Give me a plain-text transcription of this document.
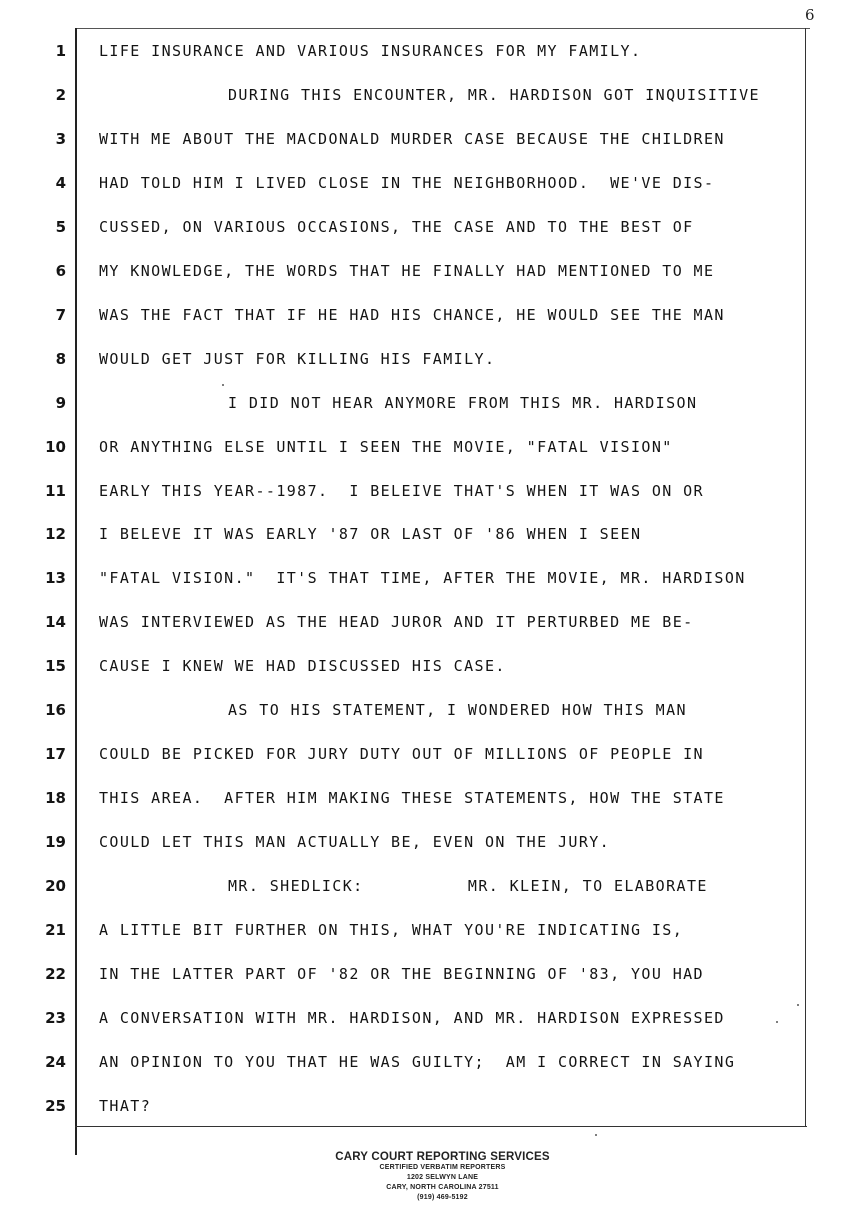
6
1 LIFE INSURANCE AND VARIOUS INSURANCES FOR MY FAMILY.
2	DURING THIS ENCOUNTER, MR. HARDISON GOT INQUISITIVE
3 WITH ME ABOUT THE MACDONALD MURDER CASE BECAUSE THE CHILDREN
4 HAD TOLD HIM I LIVED CLOSE IN THE NEIGHBORHOOD.  WE'VE DIS-
5 CUSSED, ON VARIOUS OCCASIONS, THE CASE AND TO THE BEST OF
6 MY KNOWLEDGE, THE WORDS THAT HE FINALLY HAD MENTIONED TO ME
7 WAS THE FACT THAT IF HE HAD HIS CHANCE, HE WOULD SEE THE MAN
8 WOULD GET JUST FOR KILLING HIS FAMILY.
9	I DID NOT HEAR ANYMORE FROM THIS MR. HARDISON
10 OR ANYTHING ELSE UNTIL I SEEN THE MOVIE, "FATAL VISION"
11 EARLY THIS YEAR--1987.  I BELEIVE THAT'S WHEN IT WAS ON OR
12 I BELEVE IT WAS EARLY '87 OR LAST OF '86 WHEN I SEEN
13 "FATAL VISION."  IT'S THAT TIME, AFTER THE MOVIE, MR. HARDISON
14 WAS INTERVIEWED AS THE HEAD JUROR AND IT PERTURBED ME BE-
15 CAUSE I KNEW WE HAD DISCUSSED HIS CASE.
16	AS TO HIS STATEMENT, I WONDERED HOW THIS MAN
17 COULD BE PICKED FOR JURY DUTY OUT OF MILLIONS OF PEOPLE IN
18 THIS AREA.  AFTER HIM MAKING THESE STATEMENTS, HOW THE STATE
19 COULD LET THIS MAN ACTUALLY BE, EVEN ON THE JURY.
20	MR. SHEDLICK:          MR. KLEIN, TO ELABORATE
21 A LITTLE BIT FURTHER ON THIS, WHAT YOU'RE INDICATING IS,
22 IN THE LATTER PART OF '82 OR THE BEGINNING OF '83, YOU HAD
23 A CONVERSATION WITH MR. HARDISON, AND MR. HARDISON EXPRESSED
24 AN OPINION TO YOU THAT HE WAS GUILTY;  AM I CORRECT IN SAYING
25 THAT?
CARY COURT REPORTING SERVICES
CERTIFIED VERBATIM REPORTERS
1202 SELWYN LANE
CARY, NORTH CAROLINA 27511
(919) 469-5192
